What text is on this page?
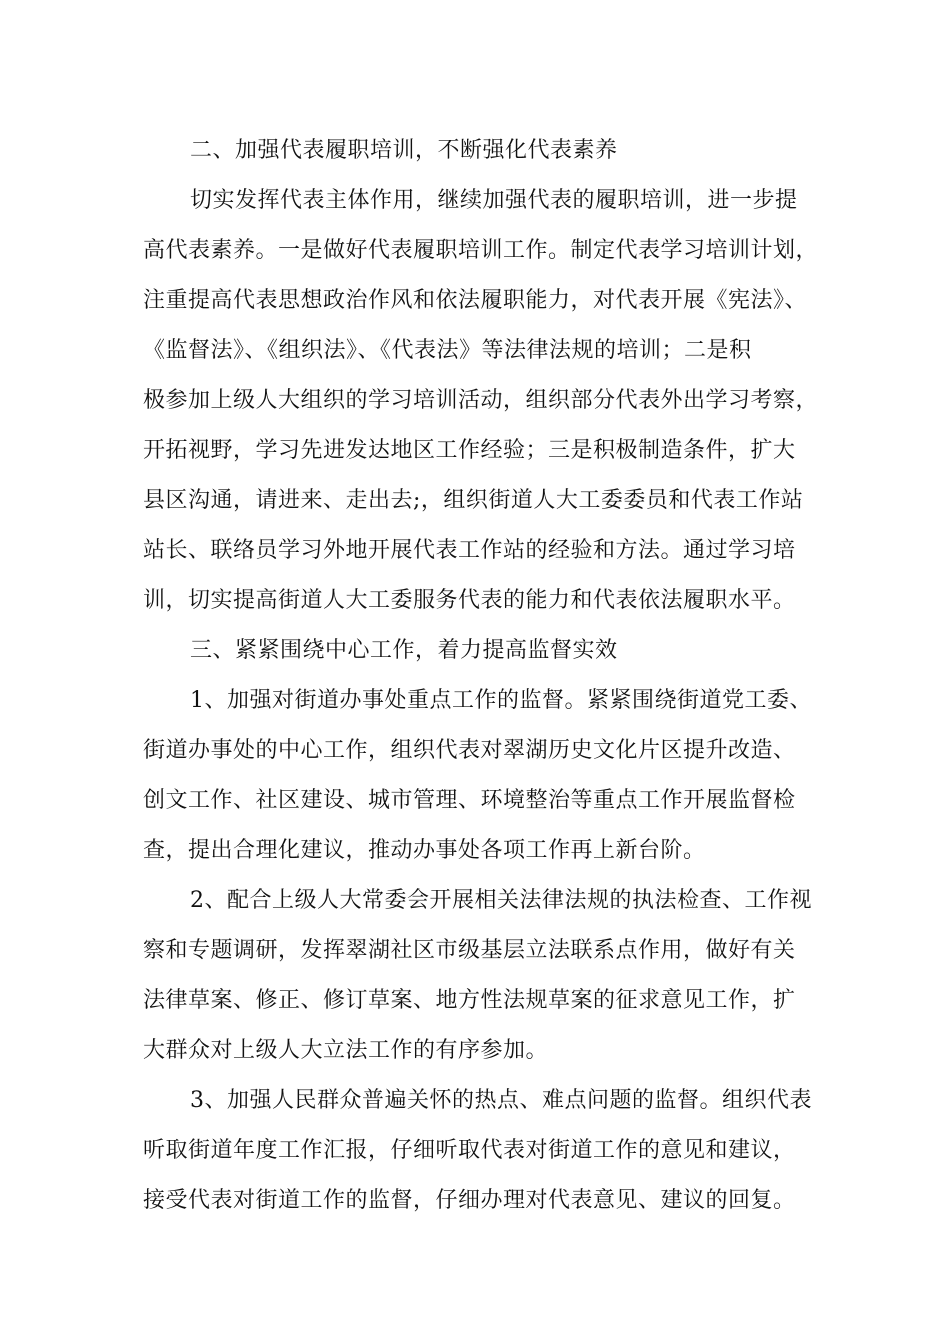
二、加强代表履职培训，不断强化代表素养
切实发挥代表主体作用，继续加强代表的履职培训，进一步提
高代表素养。一是做好代表履职培训工作。制定代表学习培训计划，
注重提高代表思想政治作风和依法履职能力，对代表开展《宪法》、
《监督法》、《组织法》、《代表法》等法律法规的培训；二是积
极参加上级人大组织的学习培训活动，组织部分代表外出学习考察，
开拓视野，学习先进发达地区工作经验；三是积极制造条件，扩大
县区沟通，请进来、走出去;，组织街道人大工委委员和代表工作站
站长、联络员学习外地开展代表工作站的经验和方法。通过学习培
训，切实提高街道人大工委服务代表的能力和代表依法履职水平。
三、紧紧围绕中心工作，着力提高监督实效
1、加强对街道办事处重点工作的监督。紧紧围绕街道党工委、
街道办事处的中心工作，组织代表对翠湖历史文化片区提升改造、
创文工作、社区建设、城市管理、环境整治等重点工作开展监督检
查，提出合理化建议，推动办事处各项工作再上新台阶。
2、配合上级人大常委会开展相关法律法规的执法检查、工作视
察和专题调研，发挥翠湖社区市级基层立法联系点作用，做好有关
法律草案、修正、修订草案、地方性法规草案的征求意见工作，扩
大群众对上级人大立法工作的有序参加。
3、加强人民群众普遍关怀的热点、难点问题的监督。组织代表
听取街道年度工作汇报，仔细听取代表对街道工作的意见和建议，
接受代表对街道工作的监督，仔细办理对代表意见、建议的回复。
